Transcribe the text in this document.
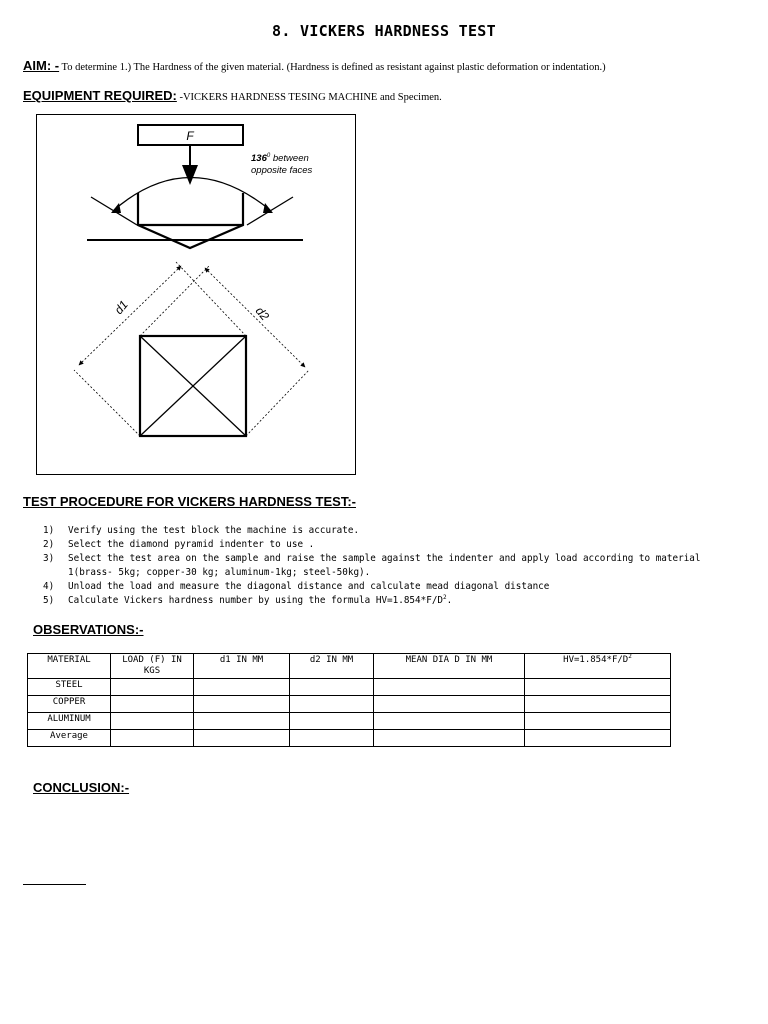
8. VICKERS HARDNESS TEST
AIM: - To determine 1.) The Hardness of the given material. (Hardness is defined as resistant against plastic deformation or indentation.)
EQUIPMENT REQUIRED: -VICKERS HARDNESS TESING MACHINE and Specimen.
F
$136^0$ between
opposite faces
d1	d2
TEST PROCEDURE FOR VICKERS HARDNESS TEST:-
1) Verify using the test block the machine is accurate.
2) Select the diamond pyramid indenter to use .
3) Select the test area on the sample and raise the sample against the indenter and apply load according to material 1(brass- 5kg; copper-30 kg; aluminum-1kg; steel-50kg).
4) Unload the load and measure the diagonal distance and calculate mead diagonal distance
5) Calculate Vickers hardness number by using the formula $HV=1.854*F/D^2$.
OBSERVATIONS:-
MATERIAL	LOAD (F) IN KGS	d1 IN MM	d2 IN MM	MEAN DIA D IN MM	$HV=1.854*F/D^2$
STEEL					
COPPER					
ALUMINUM					
Average					
CONCLUSION:-
